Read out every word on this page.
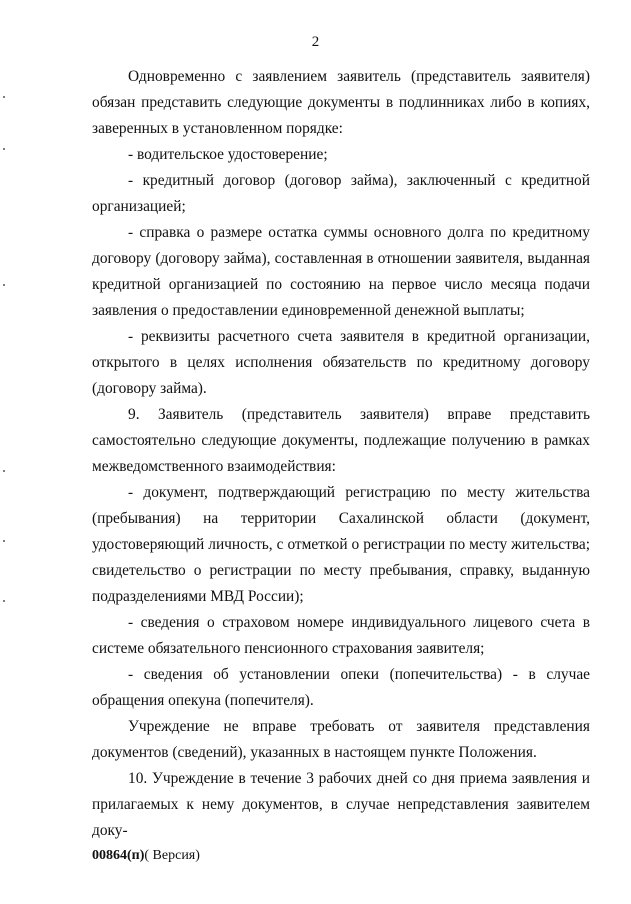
2

Одновременно с заявлением заявитель (представитель заявителя) обязан представить следующие документы в подлинниках либо в копиях, заверенных в установленном порядке:

- водительское удостоверение;

- кредитный договор (договор займа), заключенный с кредитной организацией;

- справка о размере остатка суммы основного долга по кредитному договору (договору займа), составленная в отношении заявителя, выданная кредитной организацией по состоянию на первое число месяца подачи заявления о предоставлении единовременной денежной выплаты;

- реквизиты расчетного счета заявителя в кредитной организации, открытого в целях исполнения обязательств по кредитному договору (договору займа).

9. Заявитель (представитель заявителя) вправе представить самостоятельно следующие документы, подлежащие получению в рамках межведомственного взаимодействия:

- документ, подтверждающий регистрацию по месту жительства (пребывания) на территории Сахалинской области (документ, удостоверяющий личность, с отметкой о регистрации по месту жительства; свидетельство о регистрации по месту пребывания, справку, выданную подразделениями МВД России);

- сведения о страховом номере индивидуального лицевого счета в системе обязательного пенсионного страхования заявителя;

- сведения об установлении опеки (попечительства) - в случае обращения опекуна (попечителя).

Учреждение не вправе требовать от заявителя представления документов (сведений), указанных в настоящем пункте Положения.

10. Учреждение в течение 3 рабочих дней со дня приема заявления и прилагаемых к нему документов, в случае непредставления заявителем доку-

00864(п)( Версия)
